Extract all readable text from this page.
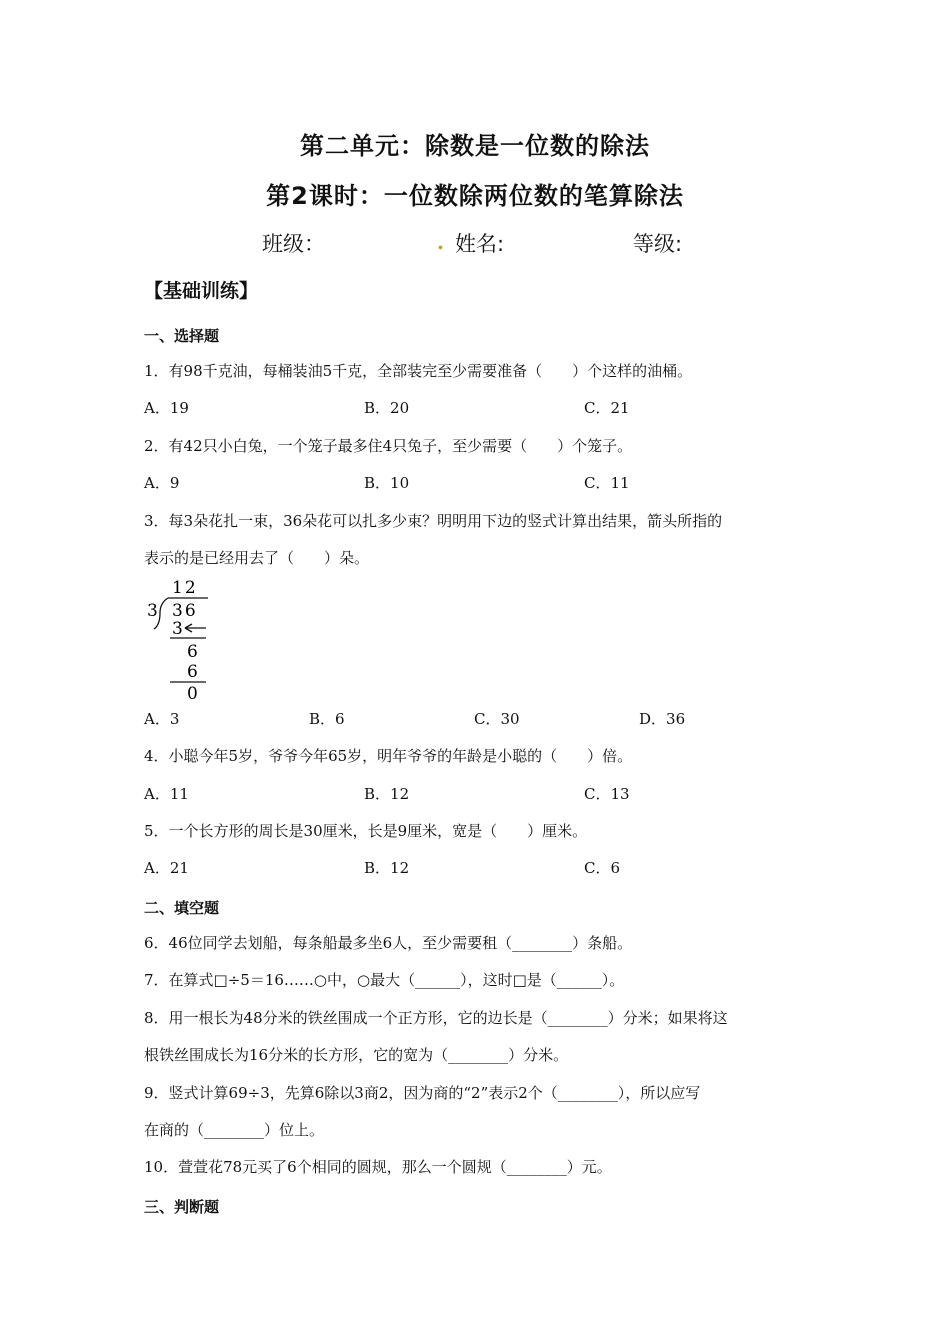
第二单元：除数是一位数的除法
第2课时：一位数除两位数的笔算除法
班级：	. 姓名:	等级:
【基础训练】
一、选择题
1．有98千克油，每桶装油5千克，全部装完至少需要准备（　　）个这样的油桶。
A．19	B．20	C．21
2．有42只小白兔，一个笼子最多住4只兔子，至少需要（　　）个笼子。
A．9	B．10	C．11
3．每3朵花扎一束，36朵花可以扎多少束？明明用下边的竖式计算出结果，箭头所指的
表示的是已经用去了（　　）朵。
12
3 36
3
6
6
0
A．3	B．6	C．30	D．36
4．小聪今年5岁，爷爷今年65岁，明年爷爷的年龄是小聪的（　　）倍。
A．11	B．12	C．13
5．一个长方形的周长是30厘米，长是9厘米，宽是（　　）厘米。
A．21	B．12	C．6
二、填空题
6．46位同学去划船，每条船最多坐6人，至少需要租（________）条船。
7．在算式□÷5＝16……○中，○最大（______），这时□是（______）。
8．用一根长为48分米的铁丝围成一个正方形，它的边长是（________）分米；如果将这
根铁丝围成长为16分米的长方形，它的宽为（________）分米。
9．竖式计算69÷3，先算6除以3商2，因为商的“2”表示2个（________），所以应写
在商的（________）位上。
10．萱萱花78元买了6个相同的圆规，那么一个圆规（________）元。
三、判断题
